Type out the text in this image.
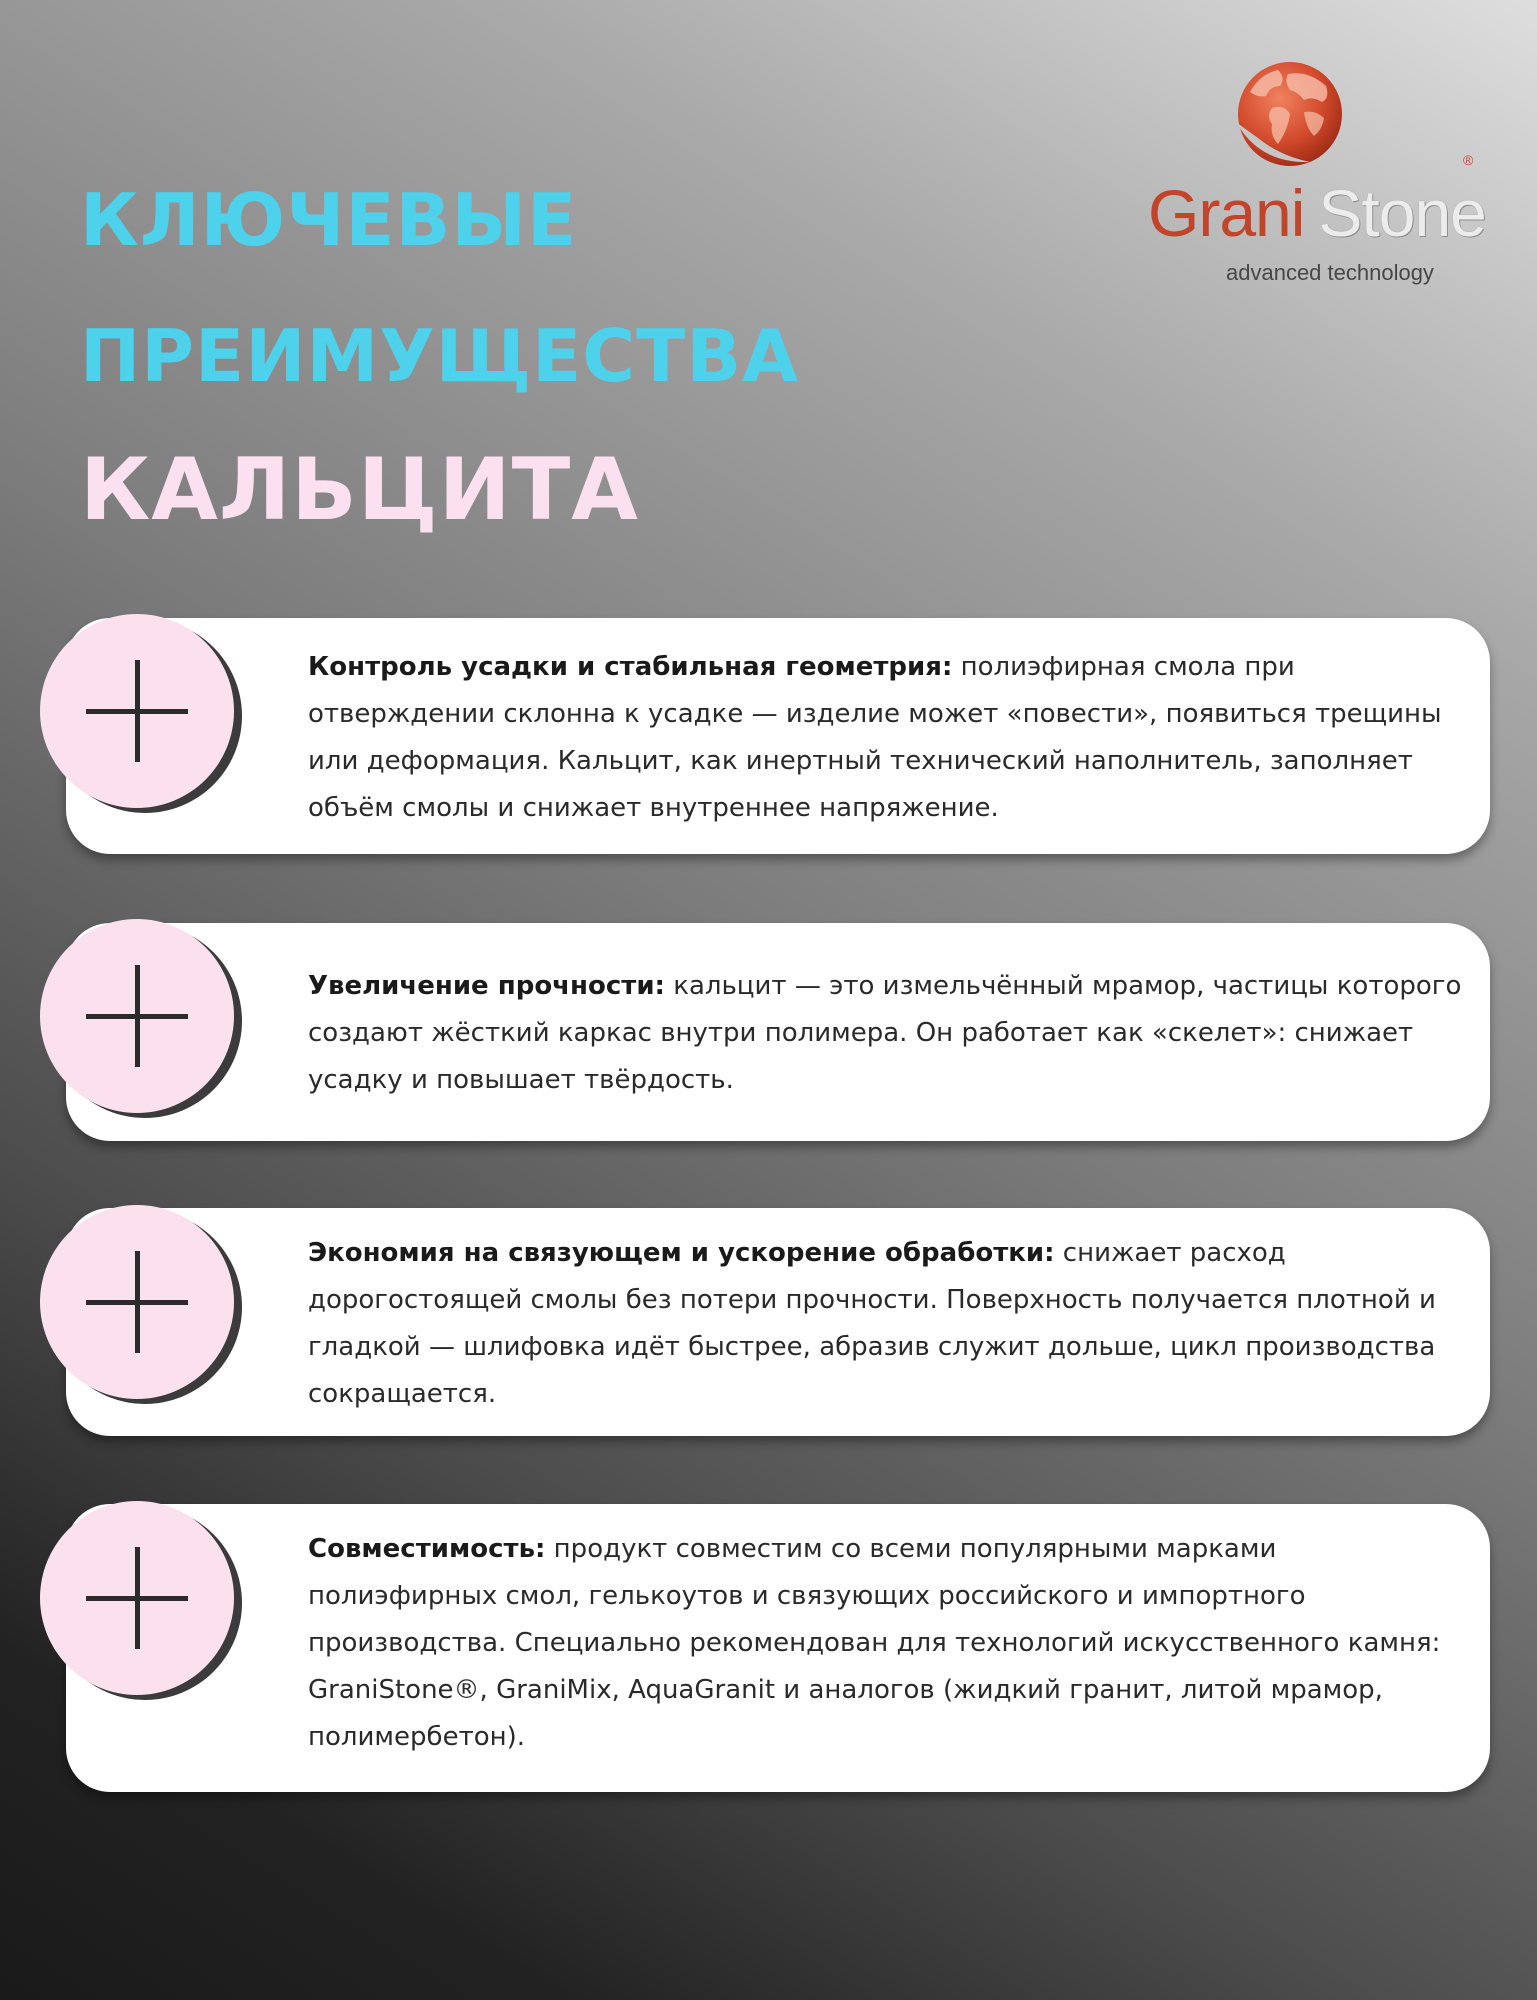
Grani Stone
®
advanced technology
КЛЮЧЕВЫЕ
ПРЕИМУЩЕСТВА
КАЛЬЦИТА
Контроль усадки и стабильная геометрия: полиэфирная смола при отверждении склонна к усадке — изделие может «повести», появиться трещины или деформация. Кальцит, как инертный технический наполнитель, заполняет объём смолы и снижает внутреннее напряжение.
Увеличение прочности: кальцит — это измельчённый мрамор, частицы которого создают жёсткий каркас внутри полимера. Он работает как «скелет»: снижает усадку и повышает твёрдость.
Экономия на связующем и ускорение обработки: снижает расход дорогостоящей смолы без потери прочности. Поверхность получается плотной и гладкой — шлифовка идёт быстрее, абразив служит дольше, цикл производства сокращается.
Совместимость: продукт совместим со всеми популярными марками полиэфирных смол, гелькоутов и связующих российского и импортного производства. Специально рекомендован для технологий искусственного камня: GraniStone®, GraniMix, AquaGranit и аналогов (жидкий гранит, литой мрамор, полимербетон).
